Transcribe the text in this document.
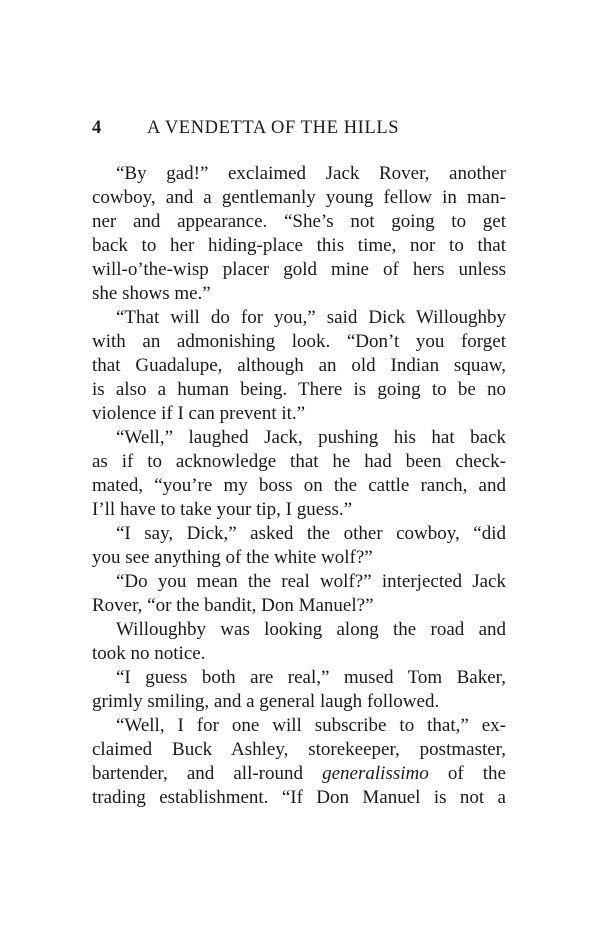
4 A VENDETTA OF THE HILLS
“By gad!” exclaimed Jack Rover, another
cowboy, and a gentlemanly young fellow in man-
ner and appearance. “She’s not going to get
back to her hiding-place this time, nor to that
will-o’the-wisp placer gold mine of hers unless
she shows me.”
“That will do for you,” said Dick Willoughby
with an admonishing look. “Don’t you forget
that Guadalupe, although an old Indian squaw,
is also a human being. There is going to be no
violence if I can prevent it.”
“Well,” laughed Jack, pushing his hat back
as if to acknowledge that he had been check-
mated, “you’re my boss on the cattle ranch, and
I’ll have to take your tip, I guess.”
“I say, Dick,” asked the other cowboy, “did
you see anything of the white wolf?”
“Do you mean the real wolf?” interjected Jack
Rover, “or the bandit, Don Manuel?”
Willoughby was looking along the road and
took no notice.
“I guess both are real,” mused Tom Baker,
grimly smiling, and a general laugh followed.
“Well, I for one will subscribe to that,” ex-
claimed Buck Ashley, storekeeper, postmaster,
bartender, and all-round generalissimo of the
trading establishment. “If Don Manuel is not a
